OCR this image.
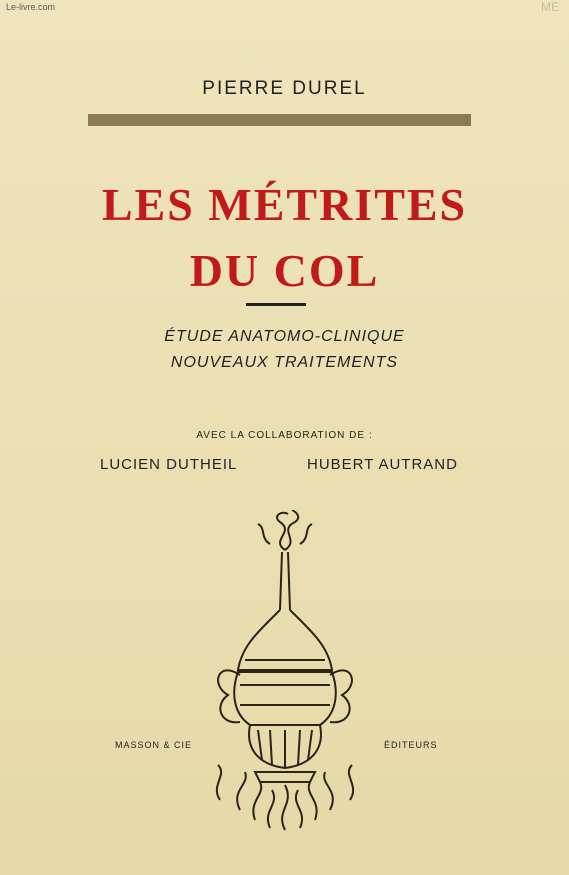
Le-livre.com	ME
PIERRE DUREL
LES MÉTRITES
DU COL
ÉTUDE ANATOMO-CLINIQUE
NOUVEAUX TRAITEMENTS
AVEC LA COLLABORATION DE :
LUCIEN DUTHEIL	HUBERT AUTRAND
MASSON & CIE	ÉDITEURS
